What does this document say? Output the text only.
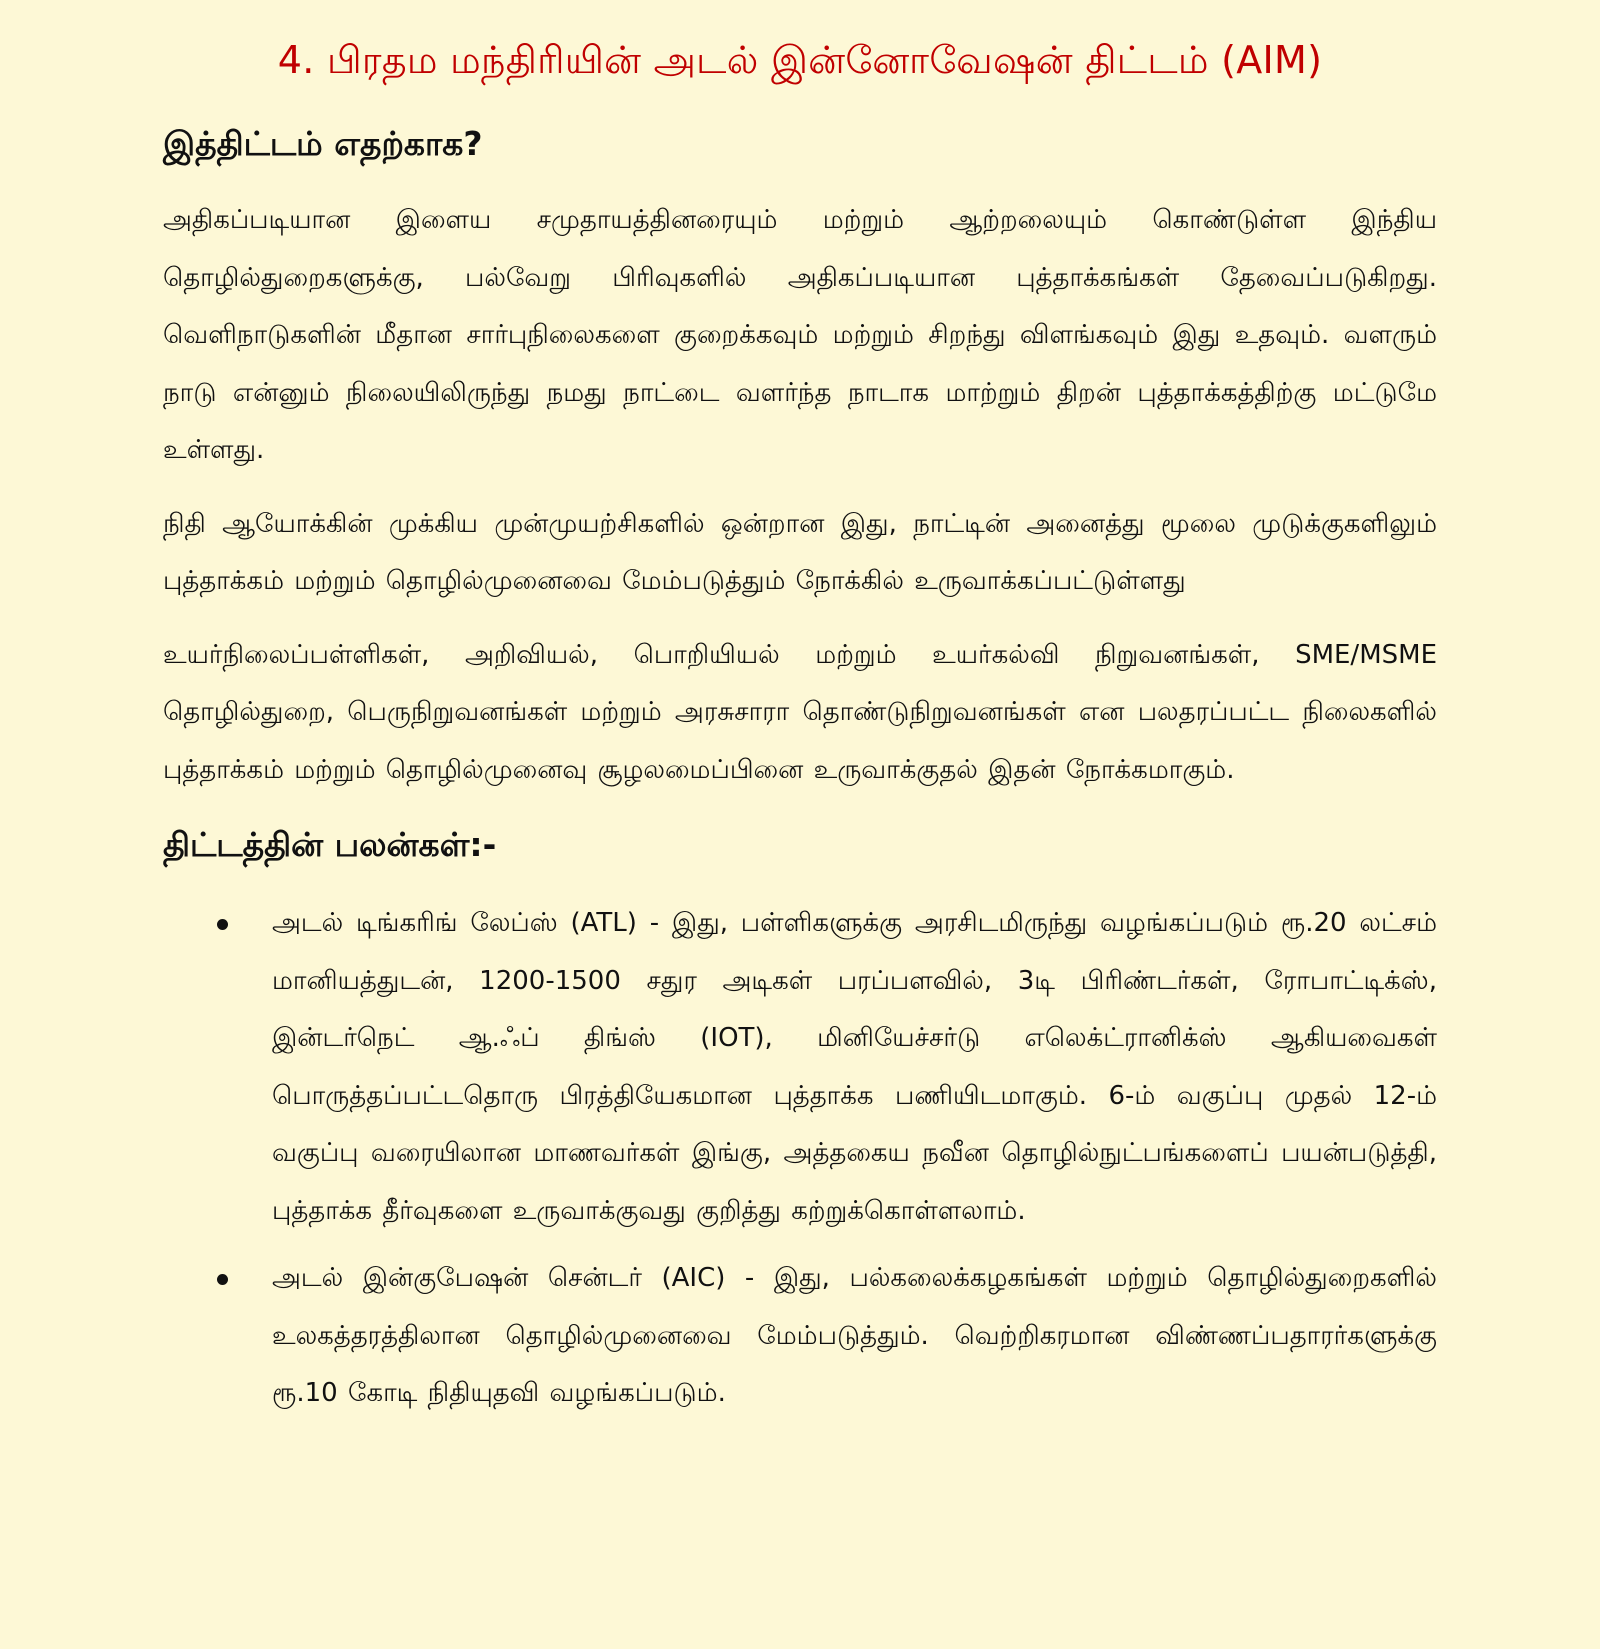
4. பிரதம மந்திரியின் அடல் இன்னோவேஷன் திட்டம் (AIM)
இத்திட்டம் எதற்காக?

அதிகப்படியான இளைய சமுதாயத்தினரையும் மற்றும் ஆற்றலையும் கொண்டுள்ள இந்திய தொழில்துறைகளுக்கு, பல்வேறு பிரிவுகளில் அதிகப்படியான புத்தாக்கங்கள் தேவைப்படுகிறது. வெளிநாடுகளின் மீதான சார்புநிலைகளை குறைக்கவும் மற்றும் சிறந்து விளங்கவும் இது உதவும். வளரும் நாடு என்னும் நிலையிலிருந்து நமது நாட்டை வளர்ந்த நாடாக மாற்றும் திறன் புத்தாக்கத்திற்கு மட்டுமே உள்ளது.

நிதி ஆயோக்கின் முக்கிய முன்முயற்சிகளில் ஒன்றான இது, நாட்டின் அனைத்து மூலை முடுக்குகளிலும் புத்தாக்கம் மற்றும் தொழில்முனைவை மேம்படுத்தும் நோக்கில் உருவாக்கப்பட்டுள்ளது

உயர்நிலைப்பள்ளிகள், அறிவியல், பொறியியல் மற்றும் உயர்கல்வி நிறுவனங்கள், SME/MSME தொழில்துறை, பெருநிறுவனங்கள் மற்றும் அரசுசாரா தொண்டுநிறுவனங்கள் என பலதரப்பட்ட நிலைகளில் புத்தாக்கம் மற்றும் தொழில்முனைவு சூழலமைப்பினை உருவாக்குதல் இதன் நோக்கமாகும்.

திட்டத்தின் பலன்கள்:-
அடல் டிங்கரிங் லேப்ஸ் (ATL) - இது, பள்ளிகளுக்கு அரசிடமிருந்து வழங்கப்படும் ரூ.20 லட்சம் மானியத்துடன், 1200-1500 சதுர அடிகள் பரப்பளவில், 3டி பிரிண்டர்கள், ரோபாட்டிக்ஸ், இன்டர்நெட் ஆ.ஃப் திங்ஸ் (IOT), மினியேச்சர்டு எலெக்ட்ரானிக்ஸ் ஆகியவைகள் பொருத்தப்பட்டதொரு பிரத்தியேகமான புத்தாக்க பணியிடமாகும். 6-ம் வகுப்பு முதல் 12-ம் வகுப்பு வரையிலான மாணவர்கள் இங்கு, அத்தகைய நவீன தொழில்நுட்பங்களைப் பயன்படுத்தி, புத்தாக்க தீர்வுகளை உருவாக்குவது குறித்து கற்றுக்கொள்ளலாம்.
அடல் இன்குபேஷன் சென்டர் (AIC) - இது, பல்கலைக்கழகங்கள் மற்றும் தொழில்துறைகளில் உலகத்தரத்திலான தொழில்முனைவை மேம்படுத்தும். வெற்றிகரமான விண்ணப்பதாரர்களுக்கு ரூ.10 கோடி நிதியுதவி வழங்கப்படும்.
